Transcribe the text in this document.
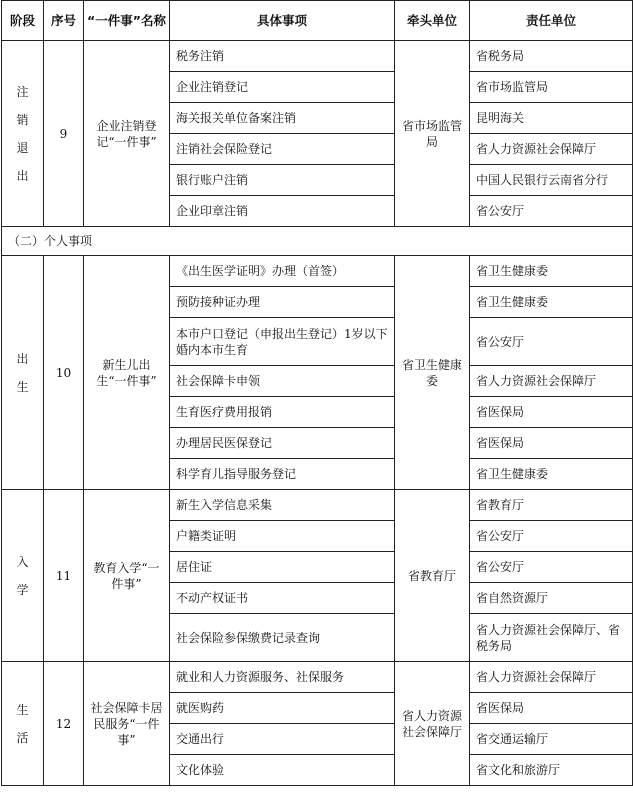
阶段	序号	“一件事”名称	具体事项	牵头单位	责任单位

注销退出	9	企业注销登记“一件事”	税务注销	省市场监管局	省税务局
			企业注销登记		省市场监管局
			海关报关单位备案注销		昆明海关
			注销社会保险登记		省人力资源社会保障厅
			银行账户注销		中国人民银行云南省分行
			企业印章注销		省公安厅
（二）个人事项					

出生	10	新生儿出生“一件事”	《出生医学证明》办理（首签）	省卫生健康委	省卫生健康委
			预防接种证办理		省卫生健康委
			本市户口登记（申报出生登记）1岁以下婚内本市生育		省公安厅
			社会保障卡申领		省人力资源社会保障厅
			生育医疗费用报销		省医保局
			办理居民医保登记		省医保局
			科学育儿指导服务登记		省卫生健康委

入学	11	教育入学“一件事”	新生入学信息采集	省教育厅	省教育厅
			户籍类证明		省公安厅
			居住证		省公安厅
			不动产权证书		省自然资源厅
			社会保险参保缴费记录查询		省人力资源社会保障厅、省税务局

生活	12	社会保障卡居民服务“一件事”	就业和人力资源服务、社保服务	省人力资源社会保障厅	省人力资源社会保障厅
			就医购药		省医保局
			交通出行		省交通运输厅
			文化体验		省文化和旅游厅
